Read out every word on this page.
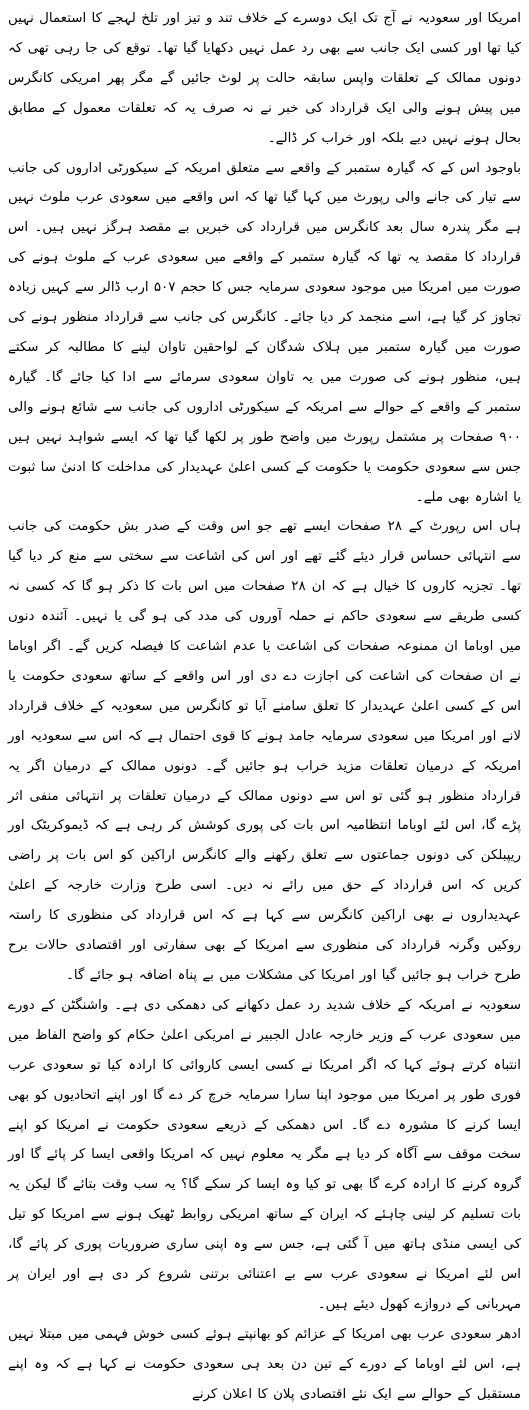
امریکا اور سعودیہ نے آج تک ایک دوسرے کے خلاف تند و تیز اور تلخ لہجے کا استعمال نہیں کیا تھا اور کسی ایک جانب سے بھی رد عمل نہیں دکھایا گیا تھا۔ توقع کی جا رہی تھی کہ دونوں ممالک کے تعلقات واپس سابقہ حالت پر لوٹ جائیں گے مگر پھر امریکی کانگرس میں پیش ہونے والی ایک قرارداد کی خبر نے نہ صرف یہ کہ تعلقات معمول کے مطابق بحال ہونے نہیں دیے بلکہ اور خراب کر ڈالے۔

باوجود اس کے کہ گیارہ ستمبر کے واقعے سے متعلق امریکہ کے سیکورٹی اداروں کی جانب سے تیار کی جانے والی رپورٹ میں کہا گیا تھا کہ اس واقعے میں سعودی عرب ملوث نہیں ہے مگر پندرہ سال بعد کانگرس میں قرارداد کی خبریں بے مقصد ہرگز نہیں ہیں۔ اس قرارداد کا مقصد یہ تھا کہ گیارہ ستمبر کے واقعے میں سعودی عرب کے ملوث ہونے کی صورت میں امریکا میں موجود سعودی سرمایہ جس کا حجم ۵۰۷ ارب ڈالر سے کہیں زیادہ تجاوز کر گیا ہے، اسے منجمد کر دیا جائے۔ کانگرس کی جانب سے قرارداد منظور ہونے کی صورت میں گیارہ ستمبر میں ہلاک شدگان کے لواحقین تاوان لینے کا مطالبہ کر سکتے ہیں، منظور ہونے کی صورت میں یہ تاوان سعودی سرمائے سے ادا کیا جائے گا۔ گیارہ ستمبر کے واقعے کے حوالے سے امریکہ کے سیکورٹی اداروں کی جانب سے شائع ہونے والی ۹۰۰ صفحات پر مشتمل رپورٹ میں واضح طور پر لکھا گیا تھا کہ ایسے شواہد نہیں ہیں جس سے سعودی حکومت یا حکومت کے کسی اعلیٰ عہدیدار کی مداخلت کا ادنیٰ سا ثبوت یا اشارہ بھی ملے۔

ہاں اس رپورٹ کے ۲۸ صفحات ایسے تھے جو اس وقت کے صدر بش حکومت کی جانب سے انتہائی حساس قرار دیئے گئے تھے اور اس کی اشاعت سے سختی سے منع کر دیا گیا تھا۔ تجزیہ کاروں کا خیال ہے کہ ان ۲۸ صفحات میں اس بات کا ذکر ہو گا کہ کسی نہ کسی طریقے سے سعودی حاکم نے حملہ آوروں کی مدد کی ہو گی یا نہیں۔ آئندہ دنوں میں اوباما ان ممنوعہ صفحات کی اشاعت یا عدم اشاعت کا فیصلہ کریں گے۔ اگر اوباما نے ان صفحات کی اشاعت کی اجازت دے دی اور اس واقعے کے ساتھ سعودی حکومت یا اس کے کسی اعلیٰ عہدیدار کا تعلق سامنے آیا تو کانگرس میں سعودیہ کے خلاف قرارداد لانے اور امریکا میں سعودی سرمایہ جامد ہونے کا قوی احتمال ہے کہ اس سے سعودیہ اور امریکہ کے درمیان تعلقات مزید خراب ہو جائیں گے۔ دونوں ممالک کے درمیان اگر یہ قرارداد منظور ہو گئی تو اس سے دونوں ممالک کے درمیان تعلقات پر انتہائی منفی اثر پڑے گا، اس لئے اوباما انتظامیہ اس بات کی پوری کوشش کر رہی ہے کہ ڈیموکریٹک اور ریپبلکن کی دونوں جماعتوں سے تعلق رکھنے والے کانگرس اراکین کو اس بات پر راضی کریں کہ اس قرارداد کے حق میں رائے نہ دیں۔ اسی طرح وزارت خارجہ کے اعلیٰ عہدیداروں نے بھی اراکین کانگرس سے کہا ہے کہ اس قرارداد کی منظوری کا راستہ روکیں وگرنہ قرارداد کی منظوری سے امریکا کے بھی سفارتی اور اقتصادی حالات برح طرح خراب ہو جائیں گیا اور امریکا کی مشکلات میں بے پناہ اضافہ ہو جائے گا۔

سعودیہ نے امریکہ کے خلاف شدید رد عمل دکھانے کی دھمکی دی ہے۔ واشنگٹن کے دورے میں سعودی عرب کے وزیر خارجہ عادل الجبیر نے امریکی اعلیٰ حکام کو واضح الفاظ میں انتباہ کرتے ہوئے کہا کہ اگر امریکا نے کسی ایسی کاروائی کا ارادہ کیا تو سعودی عرب فوری طور پر امریکا میں موجود اپنا سارا سرمایہ خرچ کر دے گا اور اپنے اتحادیوں کو بھی ایسا کرنے کا مشورہ دے گا۔ اس دھمکی کے ذریعے سعودی حکومت نے امریکا کو اپنے سخت موقف سے آگاہ کر دیا ہے مگر یہ معلوم نہیں کہ امریکا واقعی ایسا کر پائے گا اور گروہ کرنے کا ارادہ کرے گا بھی تو کیا وہ ایسا کر سکے گا؟ یہ سب وقت بتائے گا لیکن یہ بات تسلیم کر لینی چاہئے کہ ایران کے ساتھ امریکی روابط ٹھیک ہونے سے امریکا کو تیل کی ایسی منڈی ہاتھ میں آ گئی ہے، جس سے وہ اپنی ساری ضروریات پوری کر پائے گا، اس لئے امریکا نے سعودی عرب سے بے اعتنائی برتنی شروع کر دی ہے اور ایران پر مہربانی کے دروازے کھول دیئے ہیں۔

ادھر سعودی عرب بھی امریکا کے عزائم کو بھانپتے ہوئے کسی خوش فہمی میں مبتلا نہیں ہے، اس لئے اوباما کے دورے کے تین دن بعد ہی سعودی حکومت نے کہا ہے کہ وہ اپنے مستقبل کے حوالے سے ایک نئے اقتصادی پلان کا اعلان کرنے
